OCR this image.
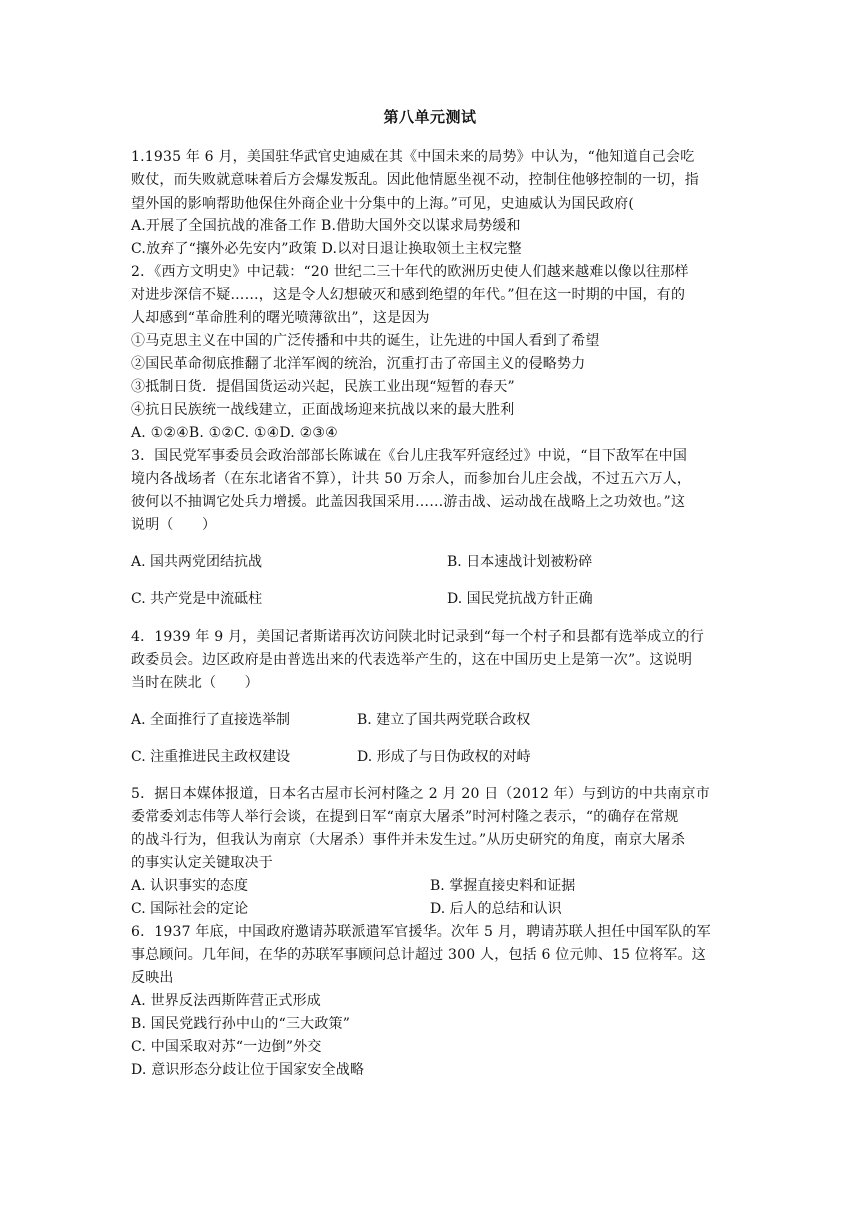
第八单元测试
1.1935 年 6 月，美国驻华武官史迪威在其《中国未来的局势》中认为，“他知道自己会吃
败仗，而失败就意味着后方会爆发叛乱。因此他情愿坐视不动，控制住他够控制的一切，指
望外国的影响帮助他保住外商企业十分集中的上海。”可见，史迪威认为国民政府(
A.开展了全国抗战的准备工作 B.借助大国外交以谋求局势缓和
C.放弃了“攘外必先安内”政策 D.以对日退让换取领土主权完整
2．《西方文明史》中记载：“20 世纪二三十年代的欧洲历史使人们越来越难以像以往那样
对进步深信不疑……，这是令人幻想破灭和感到绝望的年代。”但在这一时期的中国，有的
人却感到“革命胜利的曙光喷薄欲出”，这是因为
①马克思主义在中国的广泛传播和中共的诞生，让先进的中国人看到了希望
②国民革命彻底推翻了北洋军阀的统治，沉重打击了帝国主义的侵略势力
③抵制日货．提倡国货运动兴起，民族工业出现“短暂的春天”
④抗日民族统一战线建立，正面战场迎来抗战以来的最大胜利
A. ①②④B. ①②C. ①④D. ②③④
3．国民党军事委员会政治部部长陈诚在《台儿庄我军歼寇经过》中说，“目下敌军在中国
境内各战场者（在东北诸省不算），计共 50 万余人，而参加台儿庄会战，不过五六万人，
彼何以不抽调它处兵力增援。此盖因我国采用……游击战、运动战在战略上之功效也。”这
说明（　　）
A. 国共两党团结抗战	B. 日本速战计划被粉碎
C. 共产党是中流砥柱	D. 国民党抗战方针正确
4．1939 年 9 月，美国记者斯诺再次访问陕北时记录到“每一个村子和县都有选举成立的行
政委员会。边区政府是由普选出来的代表选举产生的，这在中国历史上是第一次”。这说明
当时在陕北（　　）
A. 全面推行了直接选举制	B. 建立了国共两党联合政权
C. 注重推进民主政权建设	D. 形成了与日伪政权的对峙
5．据日本媒体报道，日本名古屋市长河村隆之 2 月 20 日（2012 年）与到访的中共南京市
委常委刘志伟等人举行会谈，在提到日军“南京大屠杀”时河村隆之表示，“的确存在常规
的战斗行为，但我认为南京（大屠杀）事件并未发生过。”从历史研究的角度，南京大屠杀
的事实认定关键取决于
A. 认识事实的态度	B. 掌握直接史料和证据
C. 国际社会的定论	D. 后人的总结和认识
6．1937 年底，中国政府邀请苏联派遣军官援华。次年 5 月，聘请苏联人担任中国军队的军
事总顾问。几年间，在华的苏联军事顾问总计超过 300 人，包括 6 位元帅、15 位将军。这
反映出
A. 世界反法西斯阵营正式形成
B. 国民党践行孙中山的“三大政策”
C. 中国采取对苏“一边倒”外交
D. 意识形态分歧让位于国家安全战略
